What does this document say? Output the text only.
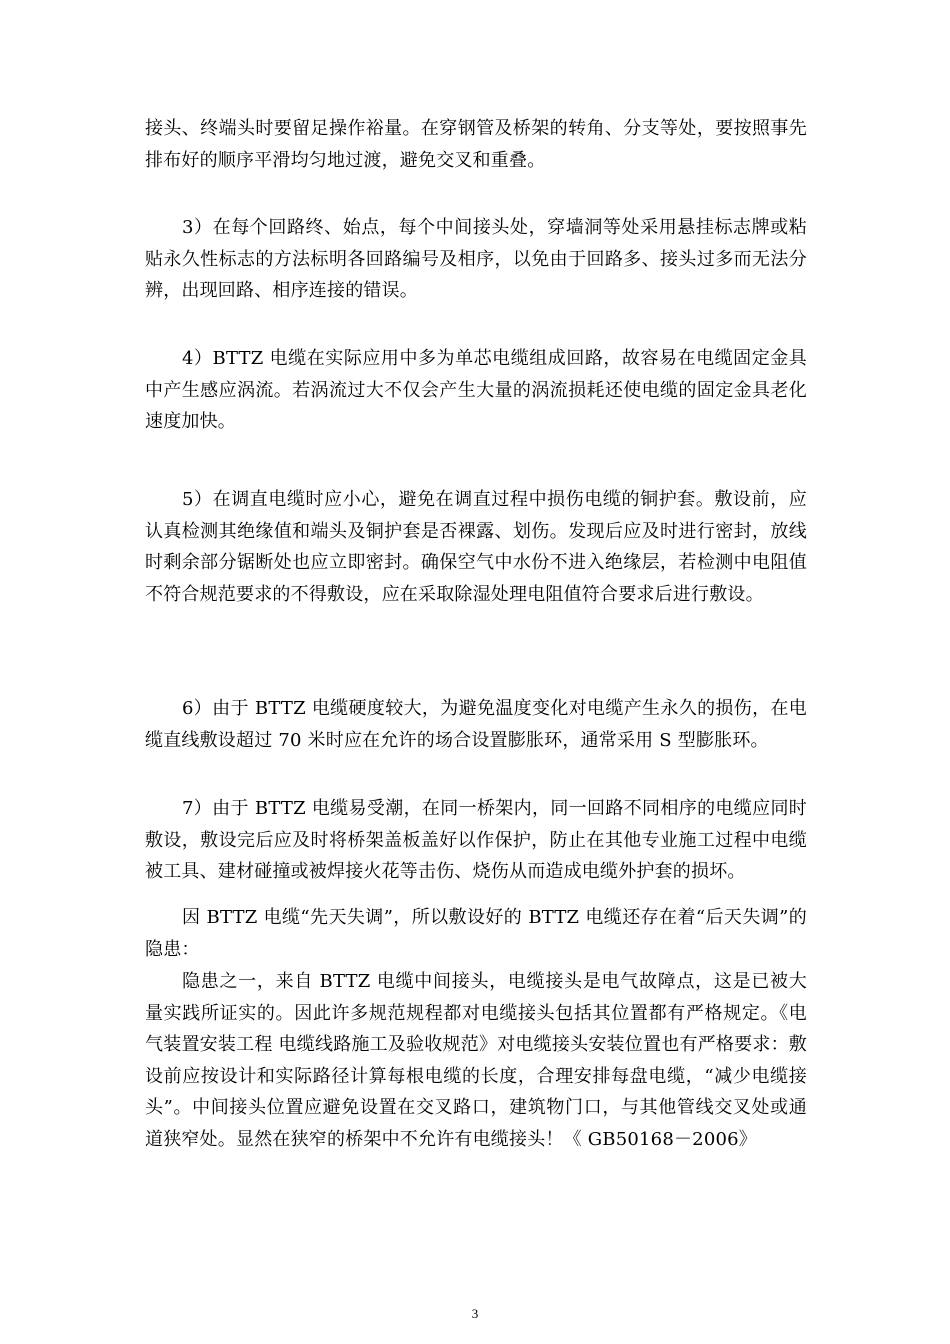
接头、终端头时要留足操作裕量。在穿钢管及桥架的转角、分支等处，要按照事先排布好的顺序平滑均匀地过渡，避免交叉和重叠。

3）在每个回路终、始点，每个中间接头处，穿墙洞等处采用悬挂标志牌或粘贴永久性标志的方法标明各回路编号及相序，以免由于回路多、接头过多而无法分辨，出现回路、相序连接的错误。

4）BTTZ 电缆在实际应用中多为单芯电缆组成回路，故容易在电缆固定金具中产生感应涡流。若涡流过大不仅会产生大量的涡流损耗还使电缆的固定金具老化速度加快。

5）在调直电缆时应小心，避免在调直过程中损伤电缆的铜护套。敷设前，应认真检测其绝缘值和端头及铜护套是否裸露、划伤。发现后应及时进行密封，放线时剩余部分锯断处也应立即密封。确保空气中水份不进入绝缘层，若检测中电阻值不符合规范要求的不得敷设，应在采取除湿处理电阻值符合要求后进行敷设。

6）由于 BTTZ 电缆硬度较大，为避免温度变化对电缆产生永久的损伤，在电缆直线敷设超过 70 米时应在允许的场合设置膨胀环，通常采用 S 型膨胀环。

7）由于 BTTZ 电缆易受潮，在同一桥架内，同一回路不同相序的电缆应同时敷设，敷设完后应及时将桥架盖板盖好以作保护，防止在其他专业施工过程中电缆被工具、建材碰撞或被焊接火花等击伤、烧伤从而造成电缆外护套的损坏。

因 BTTZ 电缆“先天失调”，所以敷设好的 BTTZ 电缆还存在着“后天失调”的隐患：

隐患之一，来自 BTTZ 电缆中间接头，电缆接头是电气故障点，这是已被大量实践所证实的。因此许多规范规程都对电缆接头包括其位置都有严格规定。《电气装置安装工程 电缆线路施工及验收规范》对电缆接头安装位置也有严格要求：敷设前应按设计和实际路径计算每根电缆的长度，合理安排每盘电缆，“减少电缆接头”。中间接头位置应避免设置在交叉路口，建筑物门口，与其他管线交叉处或通道狭窄处。显然在狭窄的桥架中不允许有电缆接头！《 GB50168－2006》

3
